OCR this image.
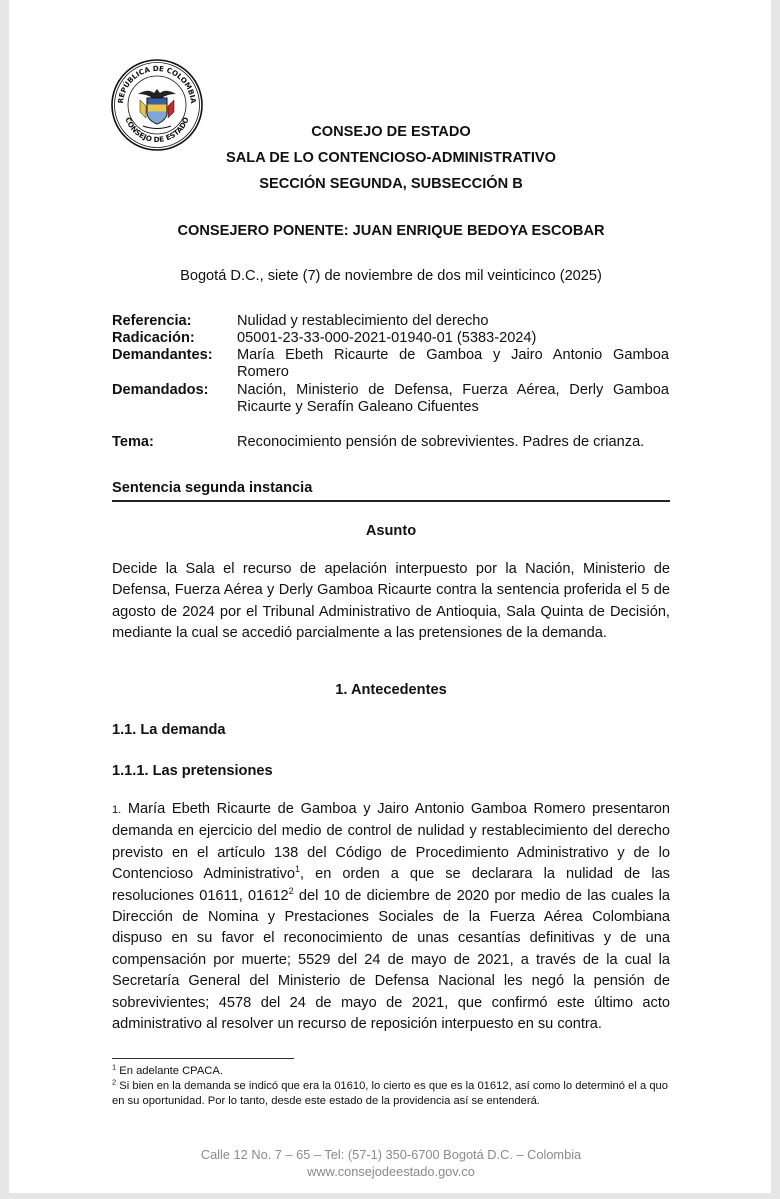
REPÚBLICA DE COLOMBIA
CONSEJO DE ESTADO
CONSEJO DE ESTADO
SALA DE LO CONTENCIOSO-ADMINISTRATIVO
SECCIÓN SEGUNDA, SUBSECCIÓN B
CONSEJERO PONENTE: JUAN ENRIQUE BEDOYA ESCOBAR
Bogotá D.C., siete (7) de noviembre de dos mil veinticinco (2025)
Referencia:	Nulidad y restablecimiento del derecho
Radicación:	05001-23-33-000-2021-01940-01 (5383-2024)
Demandantes: María Ebeth Ricaurte de Gamboa y Jairo Antonio Gamboa Romero
Demandados: Nación, Ministerio de Defensa, Fuerza Aérea, Derly Gamboa Ricaurte y Serafín Galeano Cifuentes
Tema:	Reconocimiento pensión de sobrevivientes. Padres de crianza.
Sentencia segunda instancia
Asunto
Decide la Sala el recurso de apelación interpuesto por la Nación, Ministerio de Defensa, Fuerza Aérea y Derly Gamboa Ricaurte contra la sentencia proferida el 5 de agosto de 2024 por el Tribunal Administrativo de Antioquia, Sala Quinta de Decisión, mediante la cual se accedió parcialmente a las pretensiones de la demanda.
1. Antecedentes
1.1. La demanda
1.1.1. Las pretensiones
1. María Ebeth Ricaurte de Gamboa y Jairo Antonio Gamboa Romero presentaron demanda en ejercicio del medio de control de nulidad y restablecimiento del derecho previsto en el artículo 138 del Código de Procedimiento Administrativo y de lo Contencioso Administrativo$^1$, en orden a que se declarara la nulidad de las resoluciones 01611, 01612$^2$ del 10 de diciembre de 2020 por medio de las cuales la Dirección de Nomina y Prestaciones Sociales de la Fuerza Aérea Colombiana dispuso en su favor el reconocimiento de unas cesantías definitivas y de una compensación por muerte; 5529 del 24 de mayo de 2021, a través de la cual la Secretaría General del Ministerio de Defensa Nacional les negó la pensión de sobrevivientes; 4578 del 24 de mayo de 2021, que confirmó este último acto administrativo al resolver un recurso de reposición interpuesto en su contra.
$^1$ En adelante CPACA.
$^2$ Si bien en la demanda se indicó que era la 01610, lo cierto es que es la 01612, así como lo determinó el a quo en su oportunidad. Por lo tanto, desde este estado de la providencia así se entenderá.
Calle 12 No. 7 – 65 – Tel: (57-1) 350-6700 Bogotá D.C. – Colombia
www.consejodeestado.gov.co
